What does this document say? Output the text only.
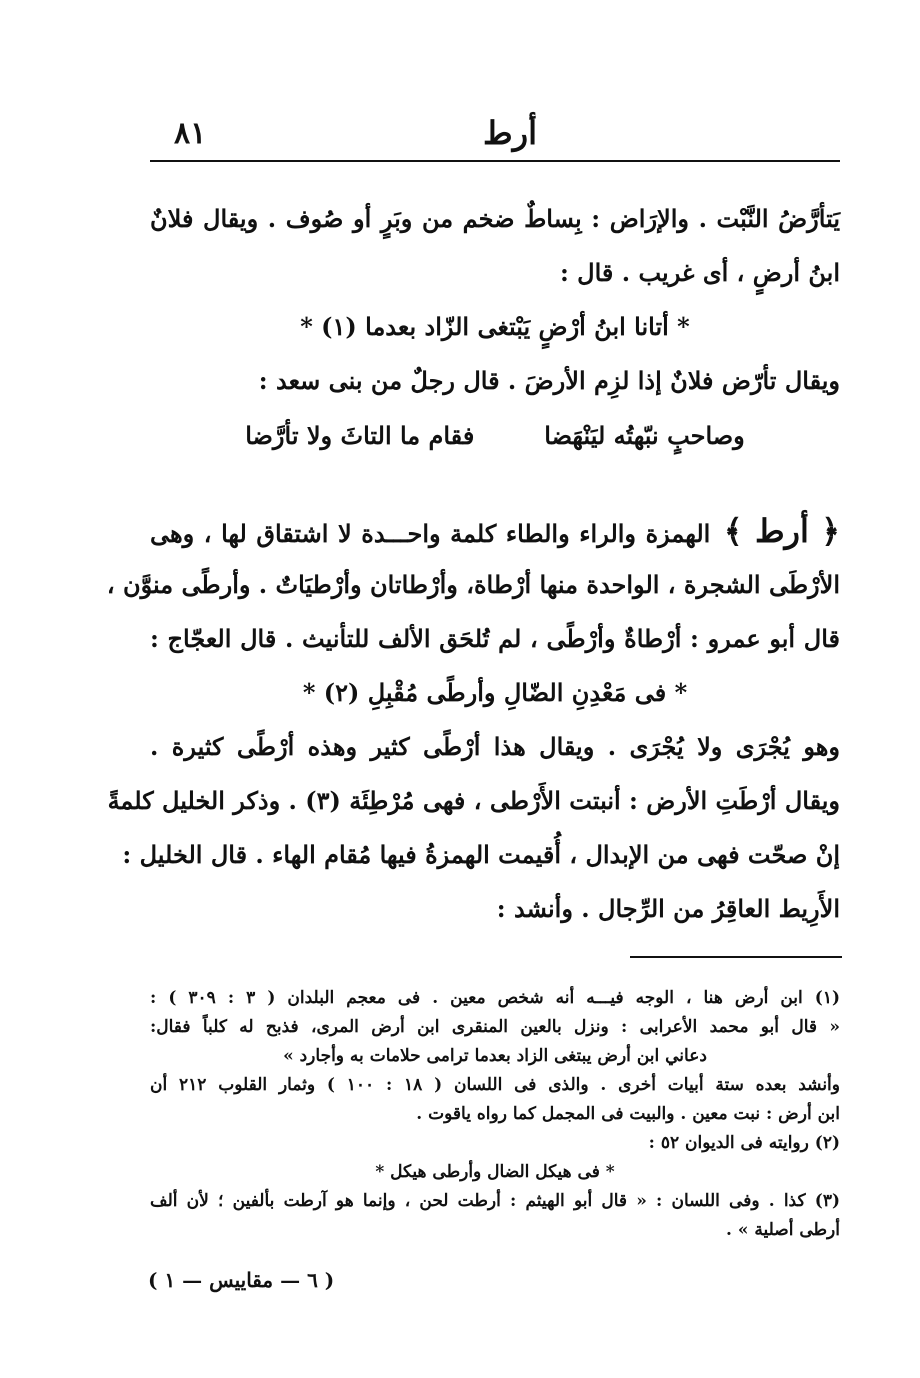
٨١	أرط
يَتأرَّضُ النَّبْت . والإرَاض : بِساطٌ ضخم من وبَرٍ أو صُوف . ويقال فلانٌ
ابنُ أرضٍ ، أى غريب . قال :
* أتانا ابنُ أرْضٍ يَبْتغى الزّاد بعدما (١) *
ويقال تأرّض فلانٌ إذا لزِم الأرضَ . قال رجلٌ من بنى سعد :
وصاحبٍ نبّهتُه ليَنْهَضا
فقام ما التاثَ ولا تأرَّضا
﴿ أرط ﴾ الهمزة والراء والطاء كلمة واحـــدة لا اشتقاق لها ، وهى
الأرْطَى الشجرة ، الواحدة منها أرْطاة، وأرْطاتان وأرْطيَاتٌ . وأرطًى منوَّن ،
قال أبو عمرو : أرْطاةٌ وأرْطًى ، لم تُلحَق الألف للتأنيث . قال العجّاج :
* فى مَعْدِنِ الضّالِ وأرطًى مُقْبِلِ (٢) *
وهو يُجْرَى ولا يُجْرَى . ويقال هذا أرْطًى كثير وهذه أرْطًى كثيرة .
ويقال أرْطَتِ الأرض : أنبتت الأَرْطى ، فهى مُرْطِئَة (٣) . وذكر الخليل كلمةً
إنْ صحّت فهى من الإبدال ، أُقيمت الهمزةُ فيها مُقام الهاء . قال الخليل :
الأَرِيط العاقِرُ من الرِّجال . وأنشد :
(١) ابن أرض هنا ، الوجه فيـــه أنه شخص معين . فى معجم البلدان ( ٣ : ٣٠٩ ) :
« قال أبو محمد الأعرابى : ونزل بالعين المنقرى ابن أرض المرى، فذبح له كلباً فقال:
دعاني ابن أرض يبتغى الزاد بعدما ترامى حلامات به وأجارد »
وأنشد بعده ستة أبيات أخرى . والذى فى اللسان ( ١٨ : ١٠٠ ) وثمار القلوب ٢١٢ أن
ابن أرض : نبت معين . والبيت فى المجمل كما رواه ياقوت .
(٢) روايته فى الديوان ٥٢ :
* فى هيكل الضال وأرطى هيكل *
(٣) كذا . وفى اللسان : « قال أبو الهيثم : أرطت لحن ، وإنما هو آرطت بألفين ؛ لأن ألف
أرطى أصلية » .
( ٦ — مقاييس — ١ )
